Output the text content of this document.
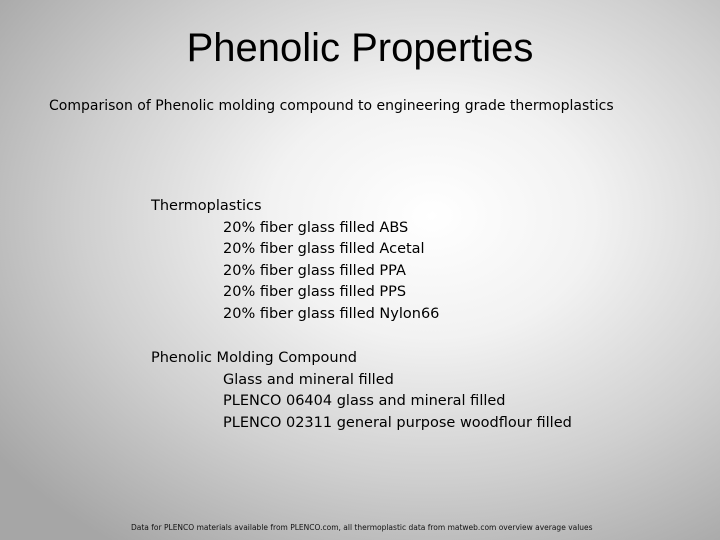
Phenolic Properties
Comparison of Phenolic molding compound to engineering grade thermoplastics
Thermoplastics
20% fiber glass filled ABS
20% fiber glass filled Acetal
20% fiber glass filled PPA
20% fiber glass filled PPS
20% fiber glass filled Nylon66
Phenolic Molding Compound
Glass and mineral filled
PLENCO 06404 glass and mineral filled
PLENCO 02311 general purpose woodflour filled
Data for PLENCO materials available from PLENCO.com, all thermoplastic data from matweb.com overview average values
